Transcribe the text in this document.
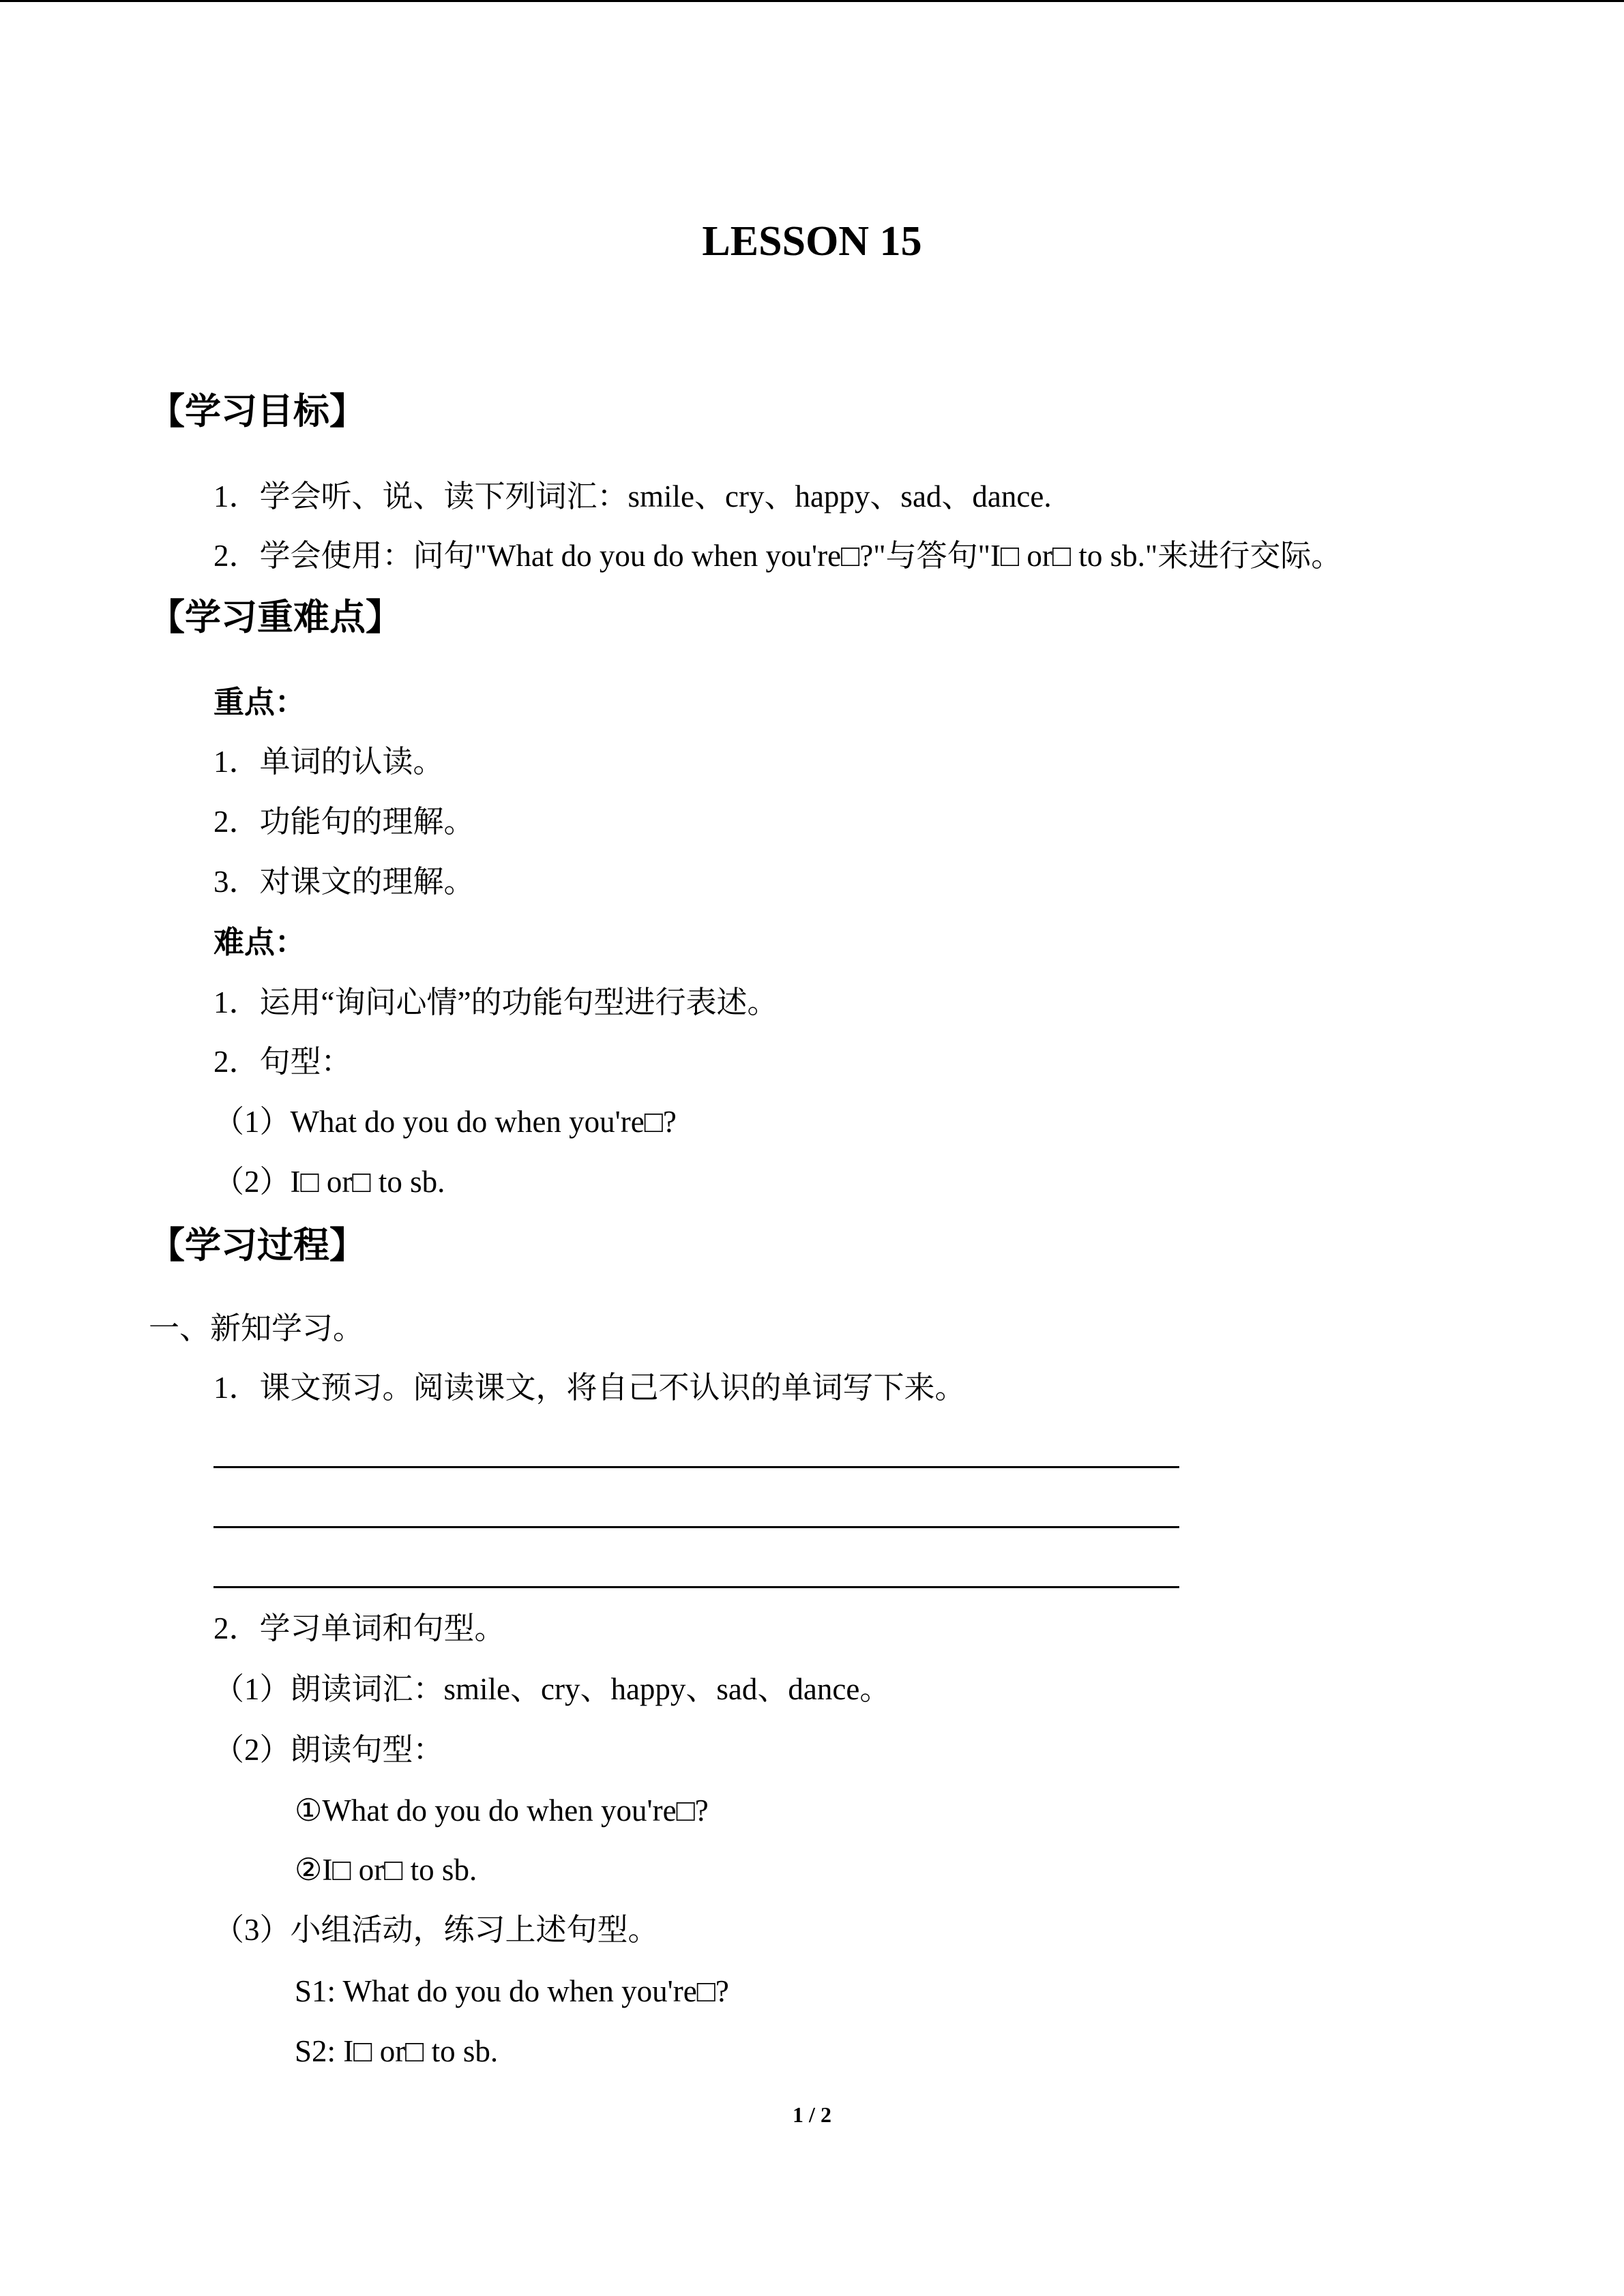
LESSON 15
【学习目标】
1．学会听、说、读下列词汇：smile、cry、happy、sad、dance.
2．学会使用：问句"What do you do when you're□?"与答句"I□ or□ to sb."来进行交际。
【学习重难点】
重点：
1．单词的认读。
2．功能句的理解。
3．对课文的理解。
难点：
1．运用“询问心情”的功能句型进行表述。
2．句型：
（1）What do you do when you're□?
（2）I□ or□ to sb.
【学习过程】
一、新知学习。
1．课文预习。阅读课文，将自己不认识的单词写下来。
2．学习单词和句型。
（1）朗读词汇：smile、cry、happy、sad、dance。
（2）朗读句型：
①What do you do when you're□?
②I□ or□ to sb.
（3）小组活动，练习上述句型。
S1: What do you do when you're□?
S2: I□ or□ to sb.
1 / 2
